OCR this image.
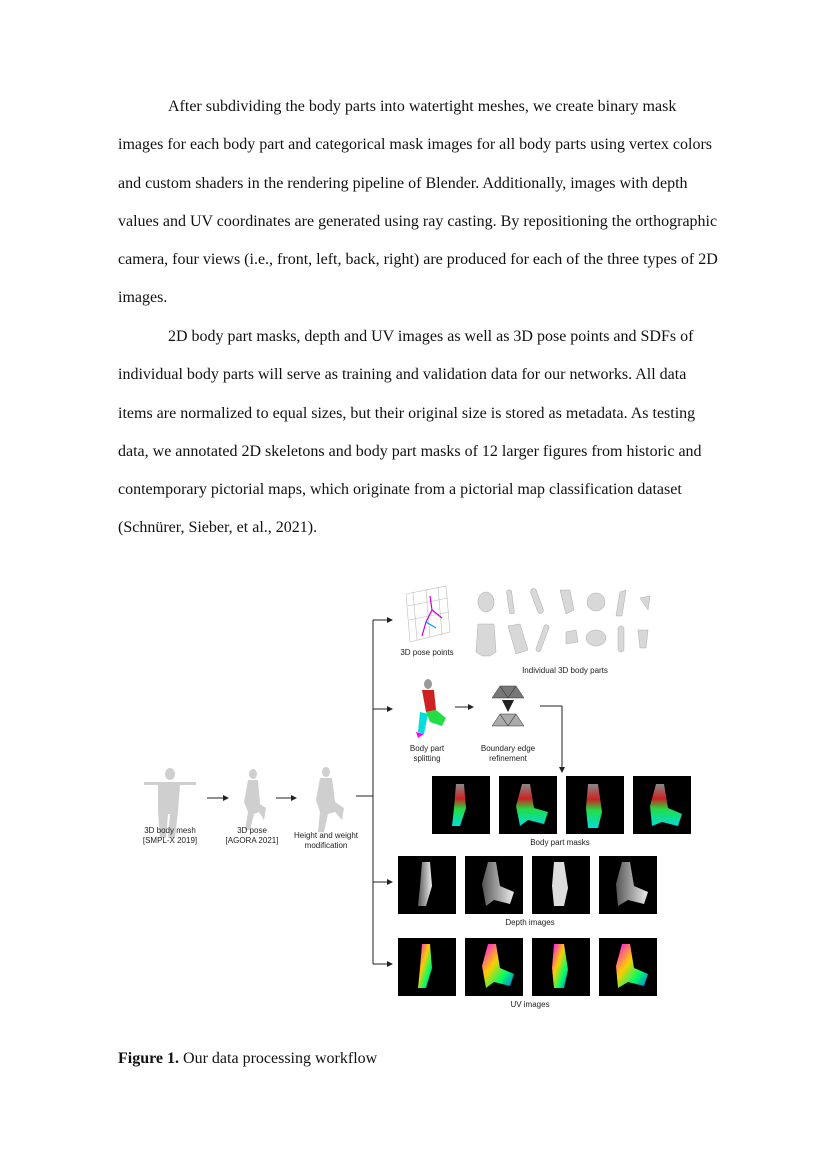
After subdividing the body parts into watertight meshes, we create binary mask images for each body part and categorical mask images for all body parts using vertex colors and custom shaders in the rendering pipeline of Blender. Additionally, images with depth values and UV coordinates are generated using ray casting. By repositioning the orthographic camera, four views (i.e., front, left, back, right) are produced for each of the three types of 2D images.

2D body part masks, depth and UV images as well as 3D pose points and SDFs of individual body parts will serve as training and validation data for our networks. All data items are normalized to equal sizes, but their original size is stored as metadata. As testing data, we annotated 2D skeletons and body part masks of 12 larger figures from historic and contemporary pictorial maps, which originate from a pictorial map classification dataset (Schnürer, Sieber, et al., 2021).

3D body mesh
[SMPL-X 2019]
3D pose
[AGORA 2021]
Height and weight
modification
3D pose points
Individual 3D body parts
Body part
splitting
Boundary edge
refinement
Body part masks
Depth images
UV images
Figure 1. Our data processing workflow
